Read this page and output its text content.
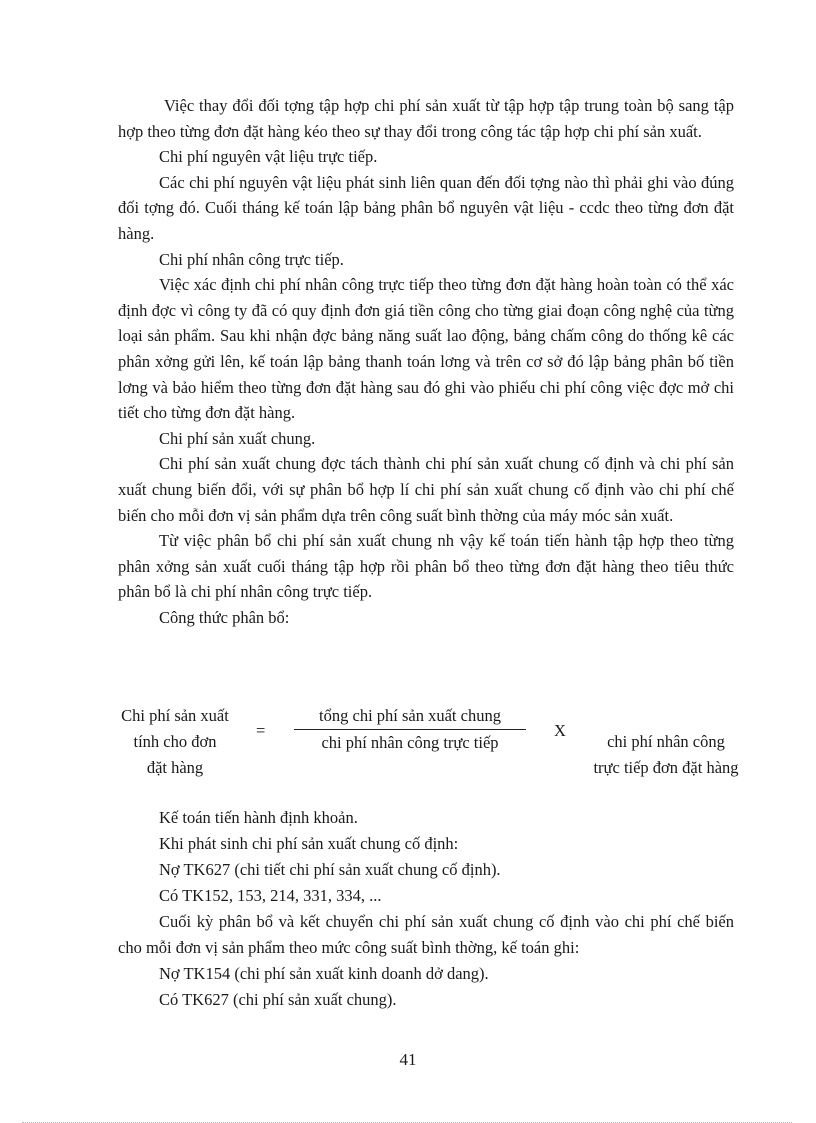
Việc thay đổi đối tợng tập hợp chi phí sản xuất từ tập hợp tập trung toàn bộ sang tập hợp theo từng đơn đặt hàng kéo theo sự thay đổi trong công tác tập hợp chi phí sản xuất.

Chi phí nguyên vật liệu trực tiếp.

Các chi phí nguyên vật liệu phát sinh liên quan đến đối tợng nào thì phải ghi vào đúng đối tợng đó. Cuối tháng kế toán lập bảng phân bổ nguyên vật liệu - ccdc theo từng đơn đặt hàng.

Chi phí nhân công trực tiếp.

Việc xác định chi phí nhân công trực tiếp theo từng đơn đặt hàng hoàn toàn có thể xác định đợc vì công ty đã có quy định đơn giá tiền công cho từng giai đoạn công nghệ của từng loại sản phẩm. Sau khi nhận đợc bảng năng suất lao động, bảng chấm công do thống kê các phân xởng gửi lên, kế toán lập bảng thanh toán lơng và trên cơ sở đó lập bảng phân bố tiền lơng và bảo hiểm theo từng đơn đặt hàng sau đó ghi vào phiếu chi phí công việc đợc mở chi tiết cho từng đơn đặt hàng.

Chi phí sản xuất chung.

Chi phí sản xuất chung đợc tách thành chi phí sản xuất chung cố định và chi phí sản xuất chung biến đổi, với sự phân bổ hợp lí chi phí sản xuất chung cố định vào chi phí chế biến cho mỗi đơn vị sản phẩm dựa trên công suất bình thờng của máy móc sản xuất.

Từ việc phân bổ chi phí sản xuất chung nh vậy kế toán tiến hành tập hợp theo từng phân xởng sản xuất cuối tháng tập hợp rồi phân bổ theo từng đơn đặt hàng theo tiêu thức phân bổ là chi phí nhân công trực tiếp.

Công thức phân bổ:

Chi phí sản xuất
tính cho đơn
đặt hàng
=
tổng chi phí sản xuất chung
chi phí nhân công trực tiếp
X
chi phí nhân công
trực tiếp đơn đặt hàng

Kế toán tiến hành định khoản.

Khi phát sinh chi phí sản xuất chung cố định:

Nợ TK627 (chi tiết chi phí sản xuất chung cố định).

Có TK152, 153, 214, 331, 334, ...

Cuối kỳ phân bổ và kết chuyển chi phí sản xuất chung cố định vào chi phí chế biến cho mỗi đơn vị sản phẩm theo mức công suất bình thờng, kế toán ghi:

Nợ TK154 (chi phí sản xuất kinh doanh dở dang).

Có TK627 (chi phí sản xuất chung).

41
